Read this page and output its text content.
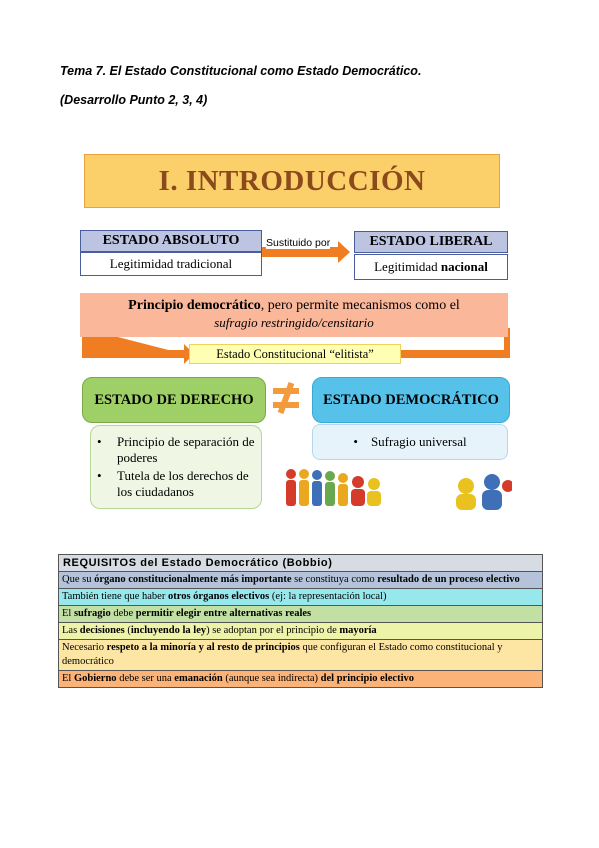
Tema 7. El Estado Constitucional como Estado Democrático.
(Desarrollo Punto 2, 3, 4)
I. INTRODUCCIÓN
ESTADO ABSOLUTO
Legitimidad tradicional
Sustituido por	ESTADO LIBERAL
Legitimidad
nacional
Principio democrático, pero permite mecanismos como el
sufragio restringido/censitario
Estado Constitucional “elitista”
ESTADO DE DERECHO
• Principio de separación de poderes
• Tutela de los derechos de los ciudadanos
ESTADO DEMOCRÁTICO
• Sufragio universal
REQUISITOS del Estado Democrático (Bobbio)
Que su órgano constitucionalmente más importante se constituya como resultado de un proceso electivo
También tiene que haber otros órganos electivos (ej: la representación local)
El sufragio debe permitir elegir entre alternativas reales
Las decisiones (incluyendo la ley) se adoptan por el principio de mayoría
Necesario respeto a la minoría y al resto de principios que configuran el Estado como constitucional y democrático
El Gobierno debe ser una emanación (aunque sea indirecta) del principio electivo
